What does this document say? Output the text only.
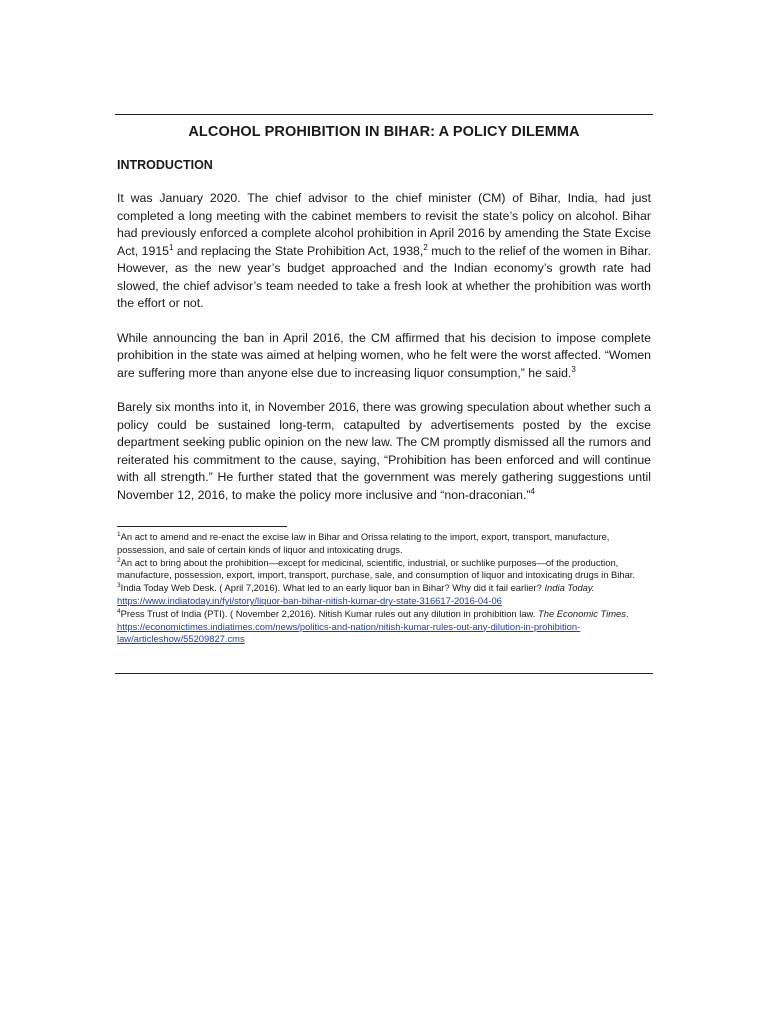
ALCOHOL PROHIBITION IN BIHAR: A POLICY DILEMMA
INTRODUCTION

It was January 2020. The chief advisor to the chief minister (CM) of Bihar, India, had just completed a long meeting with the cabinet members to revisit the state’s policy on alcohol. Bihar had previously enforced a complete alcohol prohibition in April 2016 by amending the State Excise Act, 1915$^1$ and replacing the State Prohibition Act, 1938,$^2$ much to the relief of the women in Bihar. However, as the new year’s budget approached and the Indian economy’s growth rate had slowed, the chief advisor’s team needed to take a fresh look at whether the prohibition was worth the effort or not.

While announcing the ban in April 2016, the CM affirmed that his decision to impose complete prohibition in the state was aimed at helping women, who he felt were the worst affected. “Women are suffering more than anyone else due to increasing liquor consumption,” he said.$^3$

Barely six months into it, in November 2016, there was growing speculation about whether such a policy could be sustained long-term, catapulted by advertisements posted by the excise department seeking public opinion on the new law. The CM promptly dismissed all the rumors and reiterated his commitment to the cause, saying, “Prohibition has been enforced and will continue with all strength.” He further stated that the government was merely gathering suggestions until November 12, 2016, to make the policy more inclusive and “non-draconian.”$^4$

$^1$An act to amend and re-enact the excise law in Bihar and Orissa relating to the import, export, transport, manufacture, possession, and sale of certain kinds of liquor and intoxicating drugs.

$^2$An act to bring about the prohibition—except for medicinal, scientific, industrial, or suchlike purposes—of the production, manufacture, possession, export, import, transport, purchase, sale, and consumption of liquor and intoxicating drugs in Bihar.

$^3$India Today Web Desk. ( April 7,2016). What led to an early liquor ban in Bihar? Why did it fail earlier? India Today.
https://www.indiatoday.in/fyi/story/liquor-ban-bihar-nitish-kumar-dry-state-316617-2016-04-06

$^4$Press Trust of India (PTI). ( November 2,2016). Nitish Kumar rules out any dilution in prohibition law. The Economic Times.
https://economictimes.indiatimes.com/news/politics-and-nation/nitish-kumar-rules-out-any-dilution-in-prohibition-law/articleshow/55209827.cms
